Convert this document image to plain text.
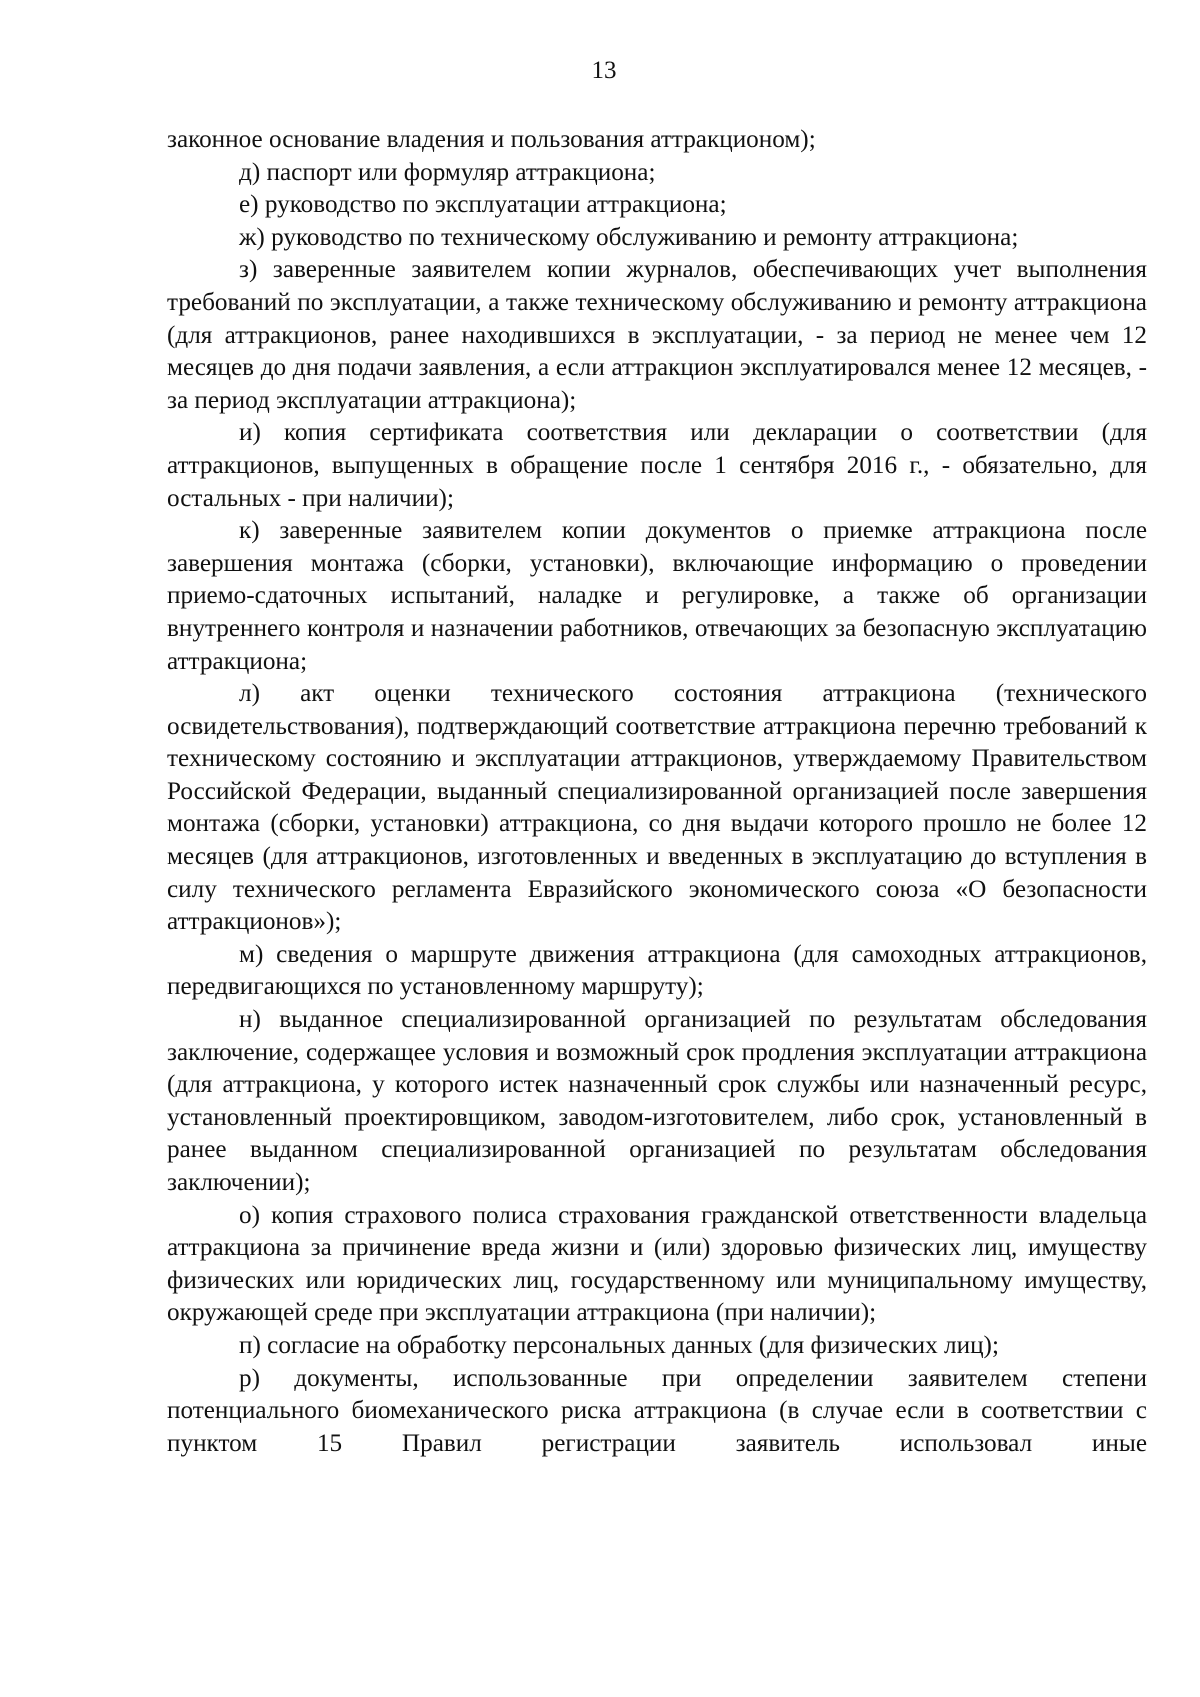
13

законное основание владения и пользования аттракционом);

д) паспорт или формуляр аттракциона;

е) руководство по эксплуатации аттракциона;

ж) руководство по техническому обслуживанию и ремонту аттракциона;

з) заверенные заявителем копии журналов, обеспечивающих учет выполнения требований по эксплуатации, а также техническому обслуживанию и ремонту аттракциона (для аттракционов, ранее находившихся в эксплуатации, - за период не менее чем 12 месяцев до дня подачи заявления, а если аттракцион эксплуатировался менее 12 месяцев, - за период эксплуатации аттракциона);

и) копия сертификата соответствия или декларации о соответствии (для аттракционов, выпущенных в обращение после 1 сентября 2016 г., - обязательно, для остальных - при наличии);

к) заверенные заявителем копии документов о приемке аттракциона после завершения монтажа (сборки, установки), включающие информацию о проведении приемо-сдаточных испытаний, наладке и регулировке, а также об организации внутреннего контроля и назначении работников, отвечающих за безопасную эксплуатацию аттракциона;

л) акт оценки технического состояния аттракциона (технического освидетельствования), подтверждающий соответствие аттракциона перечню требований к техническому состоянию и эксплуатации аттракционов, утверждаемому Правительством Российской Федерации, выданный специализированной организацией после завершения монтажа (сборки, установки) аттракциона, со дня выдачи которого прошло не более 12 месяцев (для аттракционов, изготовленных и введенных в эксплуатацию до вступления в силу технического регламента Евразийского экономического союза «О безопасности аттракционов»);

м) сведения о маршруте движения аттракциона (для самоходных аттракционов, передвигающихся по установленному маршруту);

н) выданное специализированной организацией по результатам обследования заключение, содержащее условия и возможный срок продления эксплуатации аттракциона (для аттракциона, у которого истек назначенный срок службы или назначенный ресурс, установленный проектировщиком, заводом-изготовителем, либо срок, установленный в ранее выданном специализированной организацией по результатам обследования заключении);

о) копия страхового полиса страхования гражданской ответственности владельца аттракциона за причинение вреда жизни и (или) здоровью физических лиц, имуществу физических или юридических лиц, государственному или муниципальному имуществу, окружающей среде при эксплуатации аттракциона (при наличии);

п) согласие на обработку персональных данных (для физических лиц);

р) документы, использованные при определении заявителем степени потенциального биомеханического риска аттракциона (в случае если в соответствии с пунктом 15 Правил регистрации заявитель использовал иные
